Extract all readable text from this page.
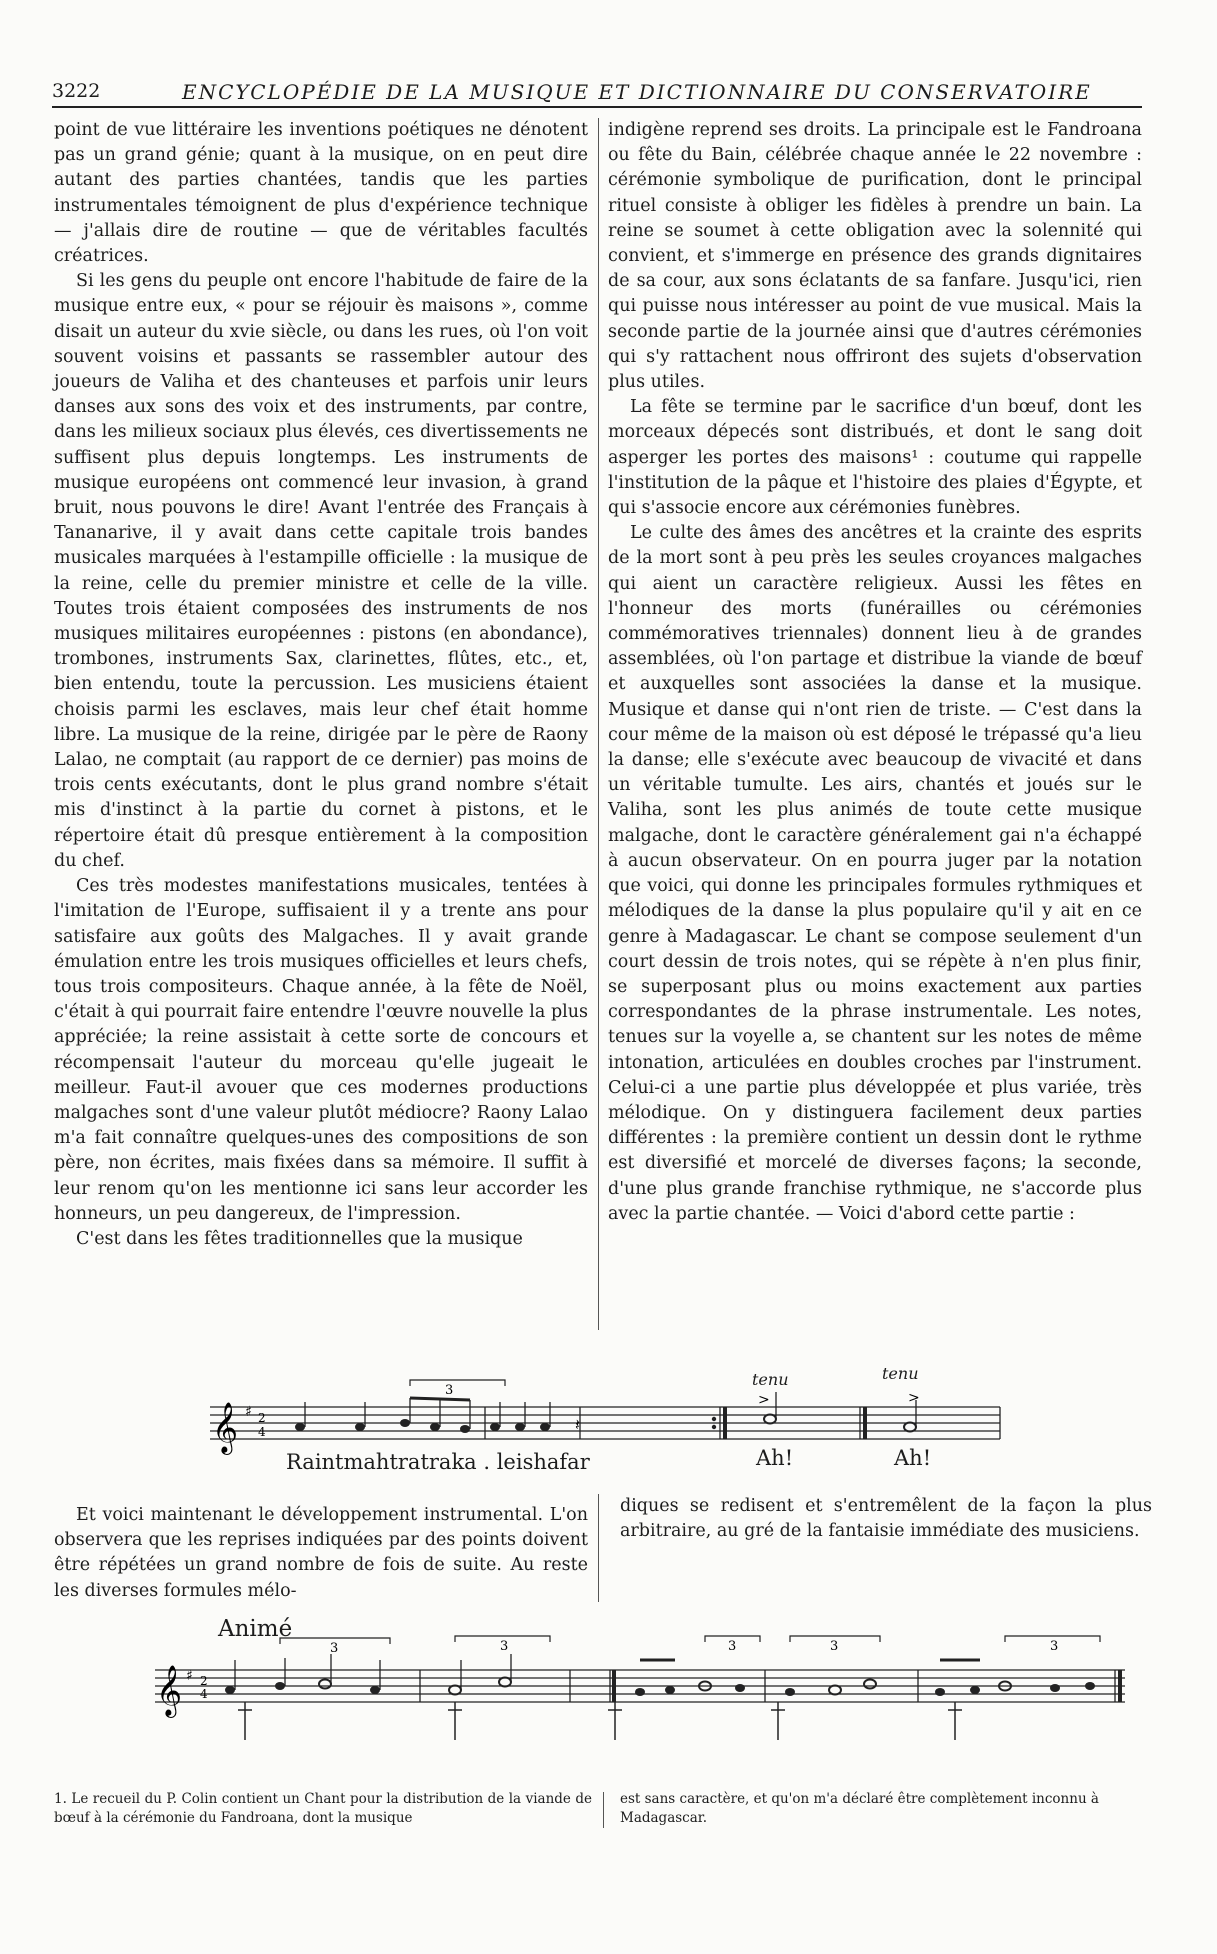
3222	ENCYCLOPÉDIE DE LA MUSIQUE ET DICTIONNAIRE DU CONSERVATOIRE

point de vue littéraire les inventions poétiques ne dénotent pas un grand génie; quant à la musique, on en peut dire autant des parties chantées, tandis que les parties instrumentales témoignent de plus d'expérience technique — j'allais dire de routine — que de véritables facultés créatrices.

Si les gens du peuple ont encore l'habitude de faire de la musique entre eux, « pour se réjouir ès maisons », comme disait un auteur du xvie siècle, ou dans les rues, où l'on voit souvent voisins et passants se rassembler autour des joueurs de Valiha et des chanteuses et parfois unir leurs danses aux sons des voix et des instruments, par contre, dans les milieux sociaux plus élevés, ces divertissements ne suffisent plus depuis longtemps. Les instruments de musique européens ont commencé leur invasion, à grand bruit, nous pouvons le dire! Avant l'entrée des Français à Tananarive, il y avait dans cette capitale trois bandes musicales marquées à l'estampille officielle : la musique de la reine, celle du premier ministre et celle de la ville. Toutes trois étaient composées des instruments de nos musiques militaires européennes : pistons (en abondance), trombones, instruments Sax, clarinettes, flûtes, etc., et, bien entendu, toute la percussion. Les musiciens étaient choisis parmi les esclaves, mais leur chef était homme libre. La musique de la reine, dirigée par le père de Raony Lalao, ne comptait (au rapport de ce dernier) pas moins de trois cents exécutants, dont le plus grand nombre s'était mis d'instinct à la partie du cornet à pistons, et le répertoire était dû presque entièrement à la composition du chef.

Ces très modestes manifestations musicales, tentées à l'imitation de l'Europe, suffisaient il y a trente ans pour satisfaire aux goûts des Malgaches. Il y avait grande émulation entre les trois musiques officielles et leurs chefs, tous trois compositeurs. Chaque année, à la fête de Noël, c'était à qui pourrait faire entendre l'œuvre nouvelle la plus appréciée; la reine assistait à cette sorte de concours et récompensait l'auteur du morceau qu'elle jugeait le meilleur. Faut-il avouer que ces modernes productions malgaches sont d'une valeur plutôt médiocre? Raony Lalao m'a fait connaître quelques-unes des compositions de son père, non écrites, mais fixées dans sa mémoire. Il suffit à leur renom qu'on les mentionne ici sans leur accorder les honneurs, un peu dangereux, de l'impression.

C'est dans les fêtes traditionnelles que la musique

indigène reprend ses droits. La principale est le Fandroana ou fête du Bain, célébrée chaque année le 22 novembre : cérémonie symbolique de purification, dont le principal rituel consiste à obliger les fidèles à prendre un bain. La reine se soumet à cette obligation avec la solennité qui convient, et s'immerge en présence des grands dignitaires de sa cour, aux sons éclatants de sa fanfare. Jusqu'ici, rien qui puisse nous intéresser au point de vue musical. Mais la seconde partie de la journée ainsi que d'autres cérémonies qui s'y rattachent nous offriront des sujets d'observation plus utiles.

La fête se termine par le sacrifice d'un bœuf, dont les morceaux dépecés sont distribués, et dont le sang doit asperger les portes des maisons¹ : coutume qui rappelle l'institution de la pâque et l'histoire des plaies d'Égypte, et qui s'associe encore aux cérémonies funèbres.

Le culte des âmes des ancêtres et la crainte des esprits de la mort sont à peu près les seules croyances malgaches qui aient un caractère religieux. Aussi les fêtes en l'honneur des morts (funérailles ou cérémonies commémoratives triennales) donnent lieu à de grandes assemblées, où l'on partage et distribue la viande de bœuf et auxquelles sont associées la danse et la musique. Musique et danse qui n'ont rien de triste. — C'est dans la cour même de la maison où est déposé le trépassé qu'a lieu la danse; elle s'exécute avec beaucoup de vivacité et dans un véritable tumulte. Les airs, chantés et joués sur le Valiha, sont les plus animés de toute cette musique malgache, dont le caractère généralement gai n'a échappé à aucun observateur. On en pourra juger par la notation que voici, qui donne les principales formules rythmiques et mélodiques de la danse la plus populaire qu'il y ait en ce genre à Madagascar. Le chant se compose seulement d'un court dessin de trois notes, qui se répète à n'en plus finir, se superposant plus ou moins exactement aux parties correspondantes de la phrase instrumentale. Les notes, tenues sur la voyelle a, se chantent sur les notes de même intonation, articulées en doubles croches par l'instrument. Celui-ci a une partie plus développée et plus variée, très mélodique. On y distinguera facilement deux parties différentes : la première contient un dessin dont le rythme est diversifié et morcelé de diverses façons; la seconde, d'une plus grande franchise rythmique, ne s'accorde plus avec la partie chantée. — Voici d'abord cette partie :

𝄞 ♯ 2
4
3
𝄽
>	>
tenu	tenu
Raintmahtratraka . leishafar	Ah!	Ah!

Et voici maintenant le développement instrumental. L'on observera que les reprises indiquées par des points doivent être répétées un grand nombre de fois de suite. Au reste les diverses formules mélo-

diques se redisent et s'entremêlent de la façon la plus arbitraire, au gré de la fantaisie immédiate des musiciens.

Animé
𝄞 ♯ 2
4
3	3	3	3	3
1. Le recueil du P. Colin contient un Chant pour la distribution de la viande de bœuf à la cérémonie du Fandroana, dont la musique
est sans caractère, et qu'on m'a déclaré être complètement inconnu à Madagascar.
